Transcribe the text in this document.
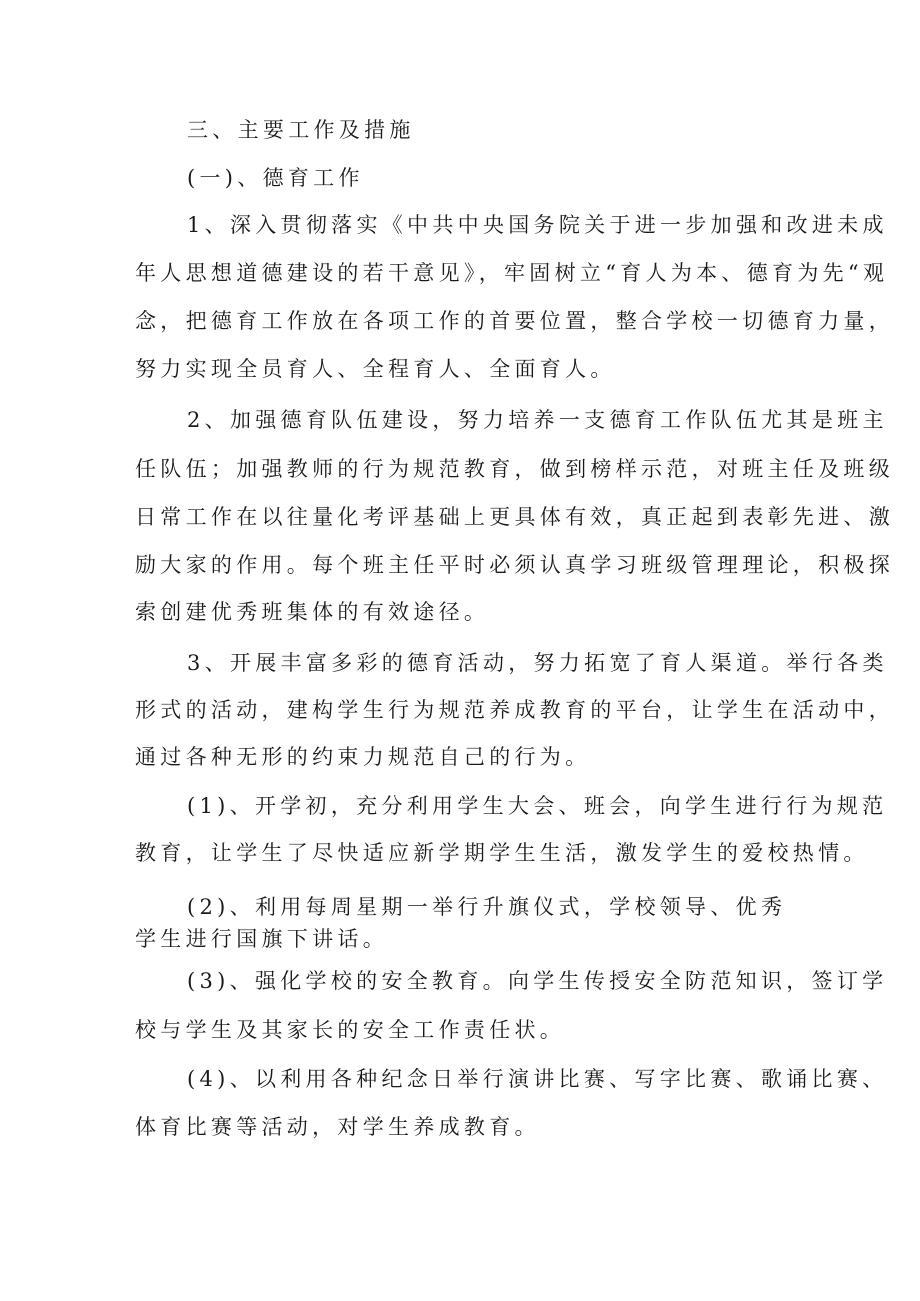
三、主要工作及措施
(一)、德育工作
1、深入贯彻落实《中共中央国务院关于进一步加强和改进未成
年人思想道德建设的若干意见》，牢固树立“育人为本、德育为先“观
念，把德育工作放在各项工作的首要位置，整合学校一切德育力量，
努力实现全员育人、全程育人、全面育人。
2、加强德育队伍建设，努力培养一支德育工作队伍尤其是班主
任队伍；加强教师的行为规范教育，做到榜样示范，对班主任及班级
日常工作在以往量化考评基础上更具体有效，真正起到表彰先进、激
励大家的作用。每个班主任平时必须认真学习班级管理理论，积极探
索创建优秀班集体的有效途径。
3、开展丰富多彩的德育活动，努力拓宽了育人渠道。举行各类
形式的活动，建构学生行为规范养成教育的平台，让学生在活动中，
通过各种无形的约束力规范自己的行为。
(1)、开学初，充分利用学生大会、班会，向学生进行行为规范
教育，让学生了尽快适应新学期学生生活，激发学生的爱校热情。
(2)、利用每周星期一举行升旗仪式，学校领导、优秀
学生进行国旗下讲话。
(3)、强化学校的安全教育。向学生传授安全防范知识，签订学
校与学生及其家长的安全工作责任状。
(4)、以利用各种纪念日举行演讲比赛、写字比赛、歌诵比赛、
体育比赛等活动，对学生养成教育。
